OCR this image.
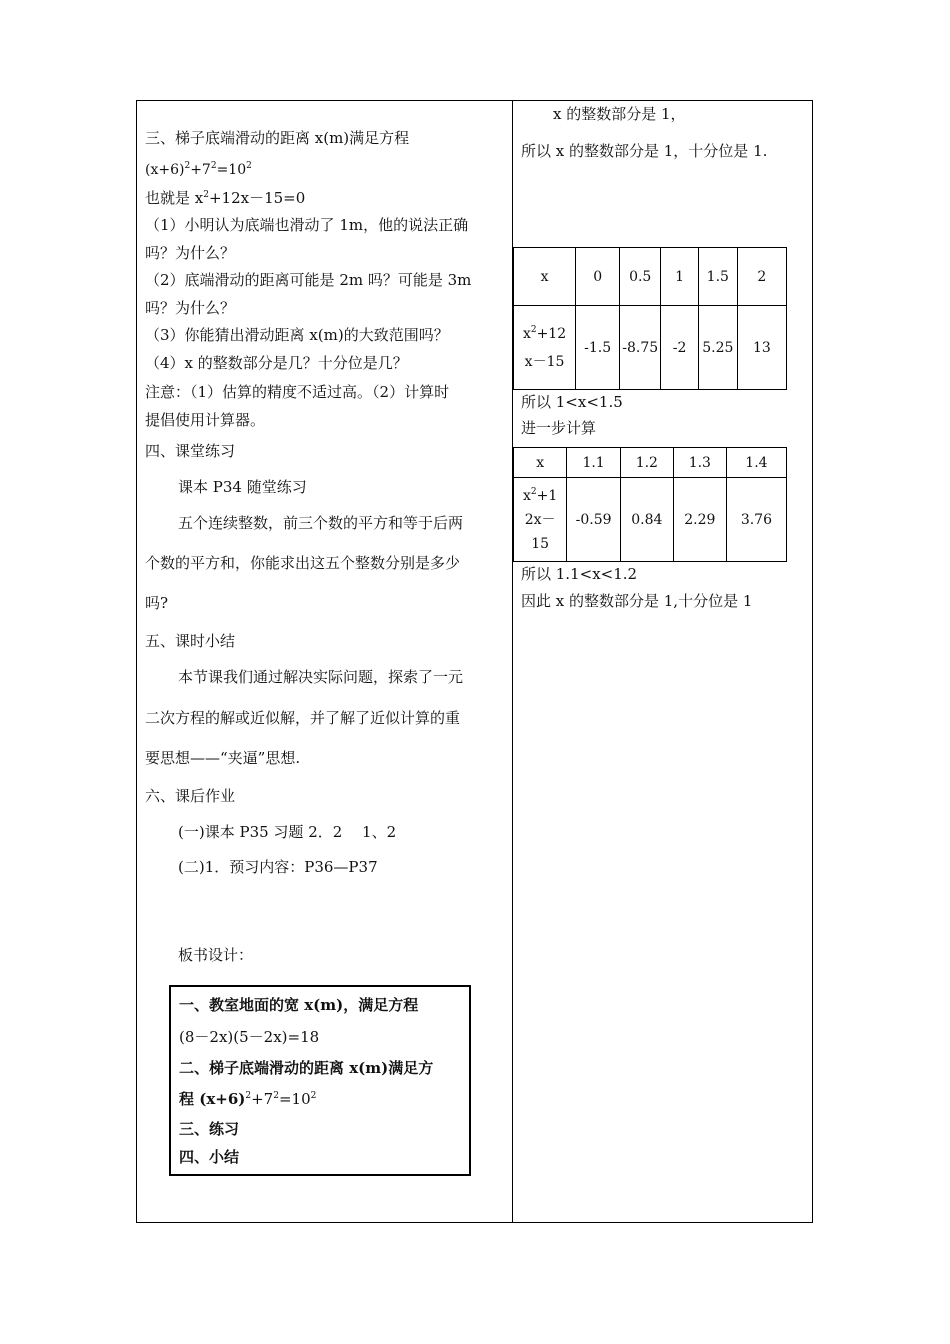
三、梯子底端滑动的距离 x(m)满足方程
$(x+6)^2+7^2=10^2$
也就是 $x^2+12x-15=0$
（1）小明认为底端也滑动了 1m，他的说法正确
吗？为什么？
（2）底端滑动的距离可能是 2m 吗？可能是 3m
吗？为什么？
（3）你能猜出滑动距离 x(m)的大致范围吗？
（4）x 的整数部分是几？十分位是几？
注意：（1）估算的精度不适过高。（2）计算时
提倡使用计算器。
四、课堂练习
课本 P34 随堂练习
五个连续整数，前三个数的平方和等于后两
个数的平方和，你能求出这五个整数分别是多少
吗?
五、课时小结
本节课我们通过解决实际问题，探索了一元
二次方程的解或近似解，并了解了近似计算的重
要思想——“夹逼”思想.
六、课后作业
(一)课本 P35 习题 2．2　 1、2
(二)1．预习内容：P36—P37
板书设计：
一、教室地面的宽 x(m)，满足方程
(8－2x)(5－2x)=18
二、梯子底端滑动的距离 x(m)满足方
程 $(x+6)^2+7^2=10^2$
三、练习
四、小结
x 的整数部分是 1，
所以 x 的整数部分是 1，十分位是 1.
x	0	0.5	1	1.5	2
$x^2+12$
x－15	-1.5	-8.75	-2	5.25	13
所以 1<x<1.5
进一步计算
x	1.1	1.2	1.3	1.4
$x^2+1$
2x－
15	-0.59	0.84	2.29	3.76
所以 1.1<x<1.2
因此 x 的整数部分是 1,十分位是 1
